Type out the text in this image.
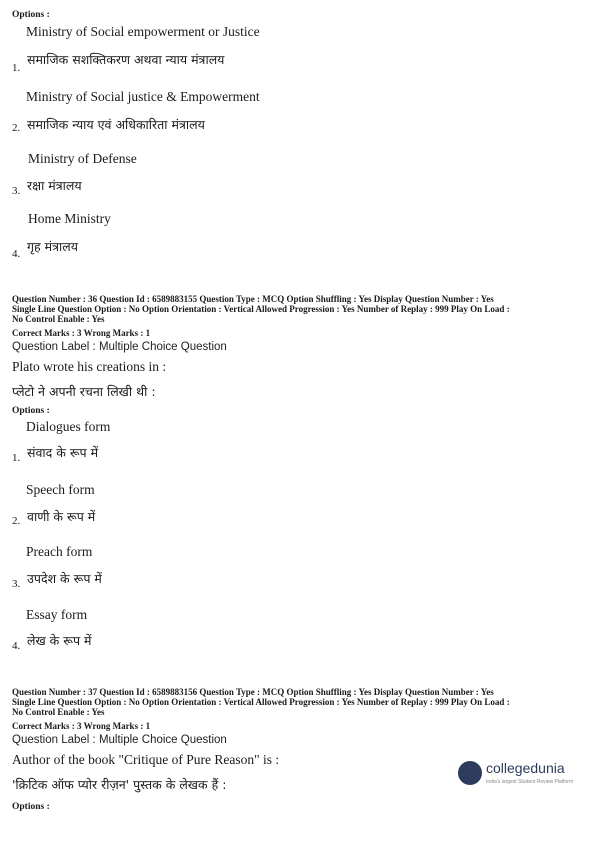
Options :
Ministry of Social empowerment or Justice
समाजिक सशक्तिकरण अथवा न्याय मंत्रालय
1.
Ministry of Social justice & Empowerment
समाजिक न्याय एवं अधिकारिता मंत्रालय
2.
Ministry of Defense
रक्षा मंत्रालय
3.
Home Ministry
गृह मंत्रालय
4.
Question Number : 36 Question Id : 6589883155 Question Type : MCQ Option Shuffling : Yes Display Question Number : Yes
Single Line Question Option : No Option Orientation : Vertical Allowed Progression : Yes Number of Replay : 999 Play On Load :
No Control Enable : Yes
Correct Marks : 3 Wrong Marks : 1
Question Label : Multiple Choice Question
Plato wrote his creations in :
प्लेटो ने अपनी रचना लिखी थी :
Options :
Dialogues form
संवाद के रूप में
1.
Speech form
वाणी के रूप में
2.
Preach form
उपदेश के रूप में
3.
Essay form
लेख के रूप में
4.
Question Number : 37 Question Id : 6589883156 Question Type : MCQ Option Shuffling : Yes Display Question Number : Yes
Single Line Question Option : No Option Orientation : Vertical Allowed Progression : Yes Number of Replay : 999 Play On Load :
No Control Enable : Yes
Correct Marks : 3 Wrong Marks : 1
Question Label : Multiple Choice Question
Author of the book "Critique of Pure Reason" is :
'क्रिटिक ऑफ प्योर रीज़न' पुस्तक के लेखक हैं :
Options :
collegedunia
India's largest Student Review Platform
